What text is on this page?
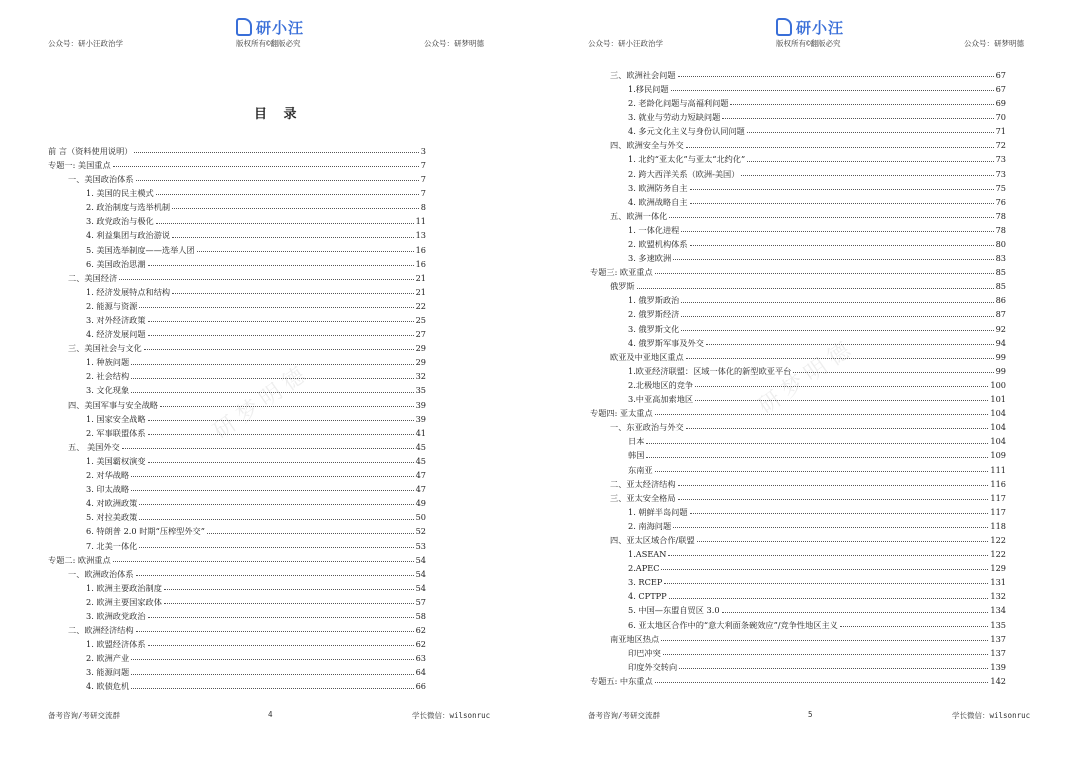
研小汪
公众号：研小汪政治学	版权所有©翻版必究	公众号：研梦明德
目 录
前 言（资料使用说明）	3
专题一: 美国重点	7
一、美国政治体系	7
1. 美国的民主模式	7
2. 政治制度与选举机制	8
3. 政党政治与极化	11
4. 利益集团与政治游说	13
5. 美国选举制度——选举人团	16
6. 美国政治思潮	16
二、美国经济	21
1. 经济发展特点和结构	21
2. 能源与资源	22
3. 对外经济政策	25
4. 经济发展问题	27
三、美国社会与文化	29
1. 种族问题	29
2. 社会结构	32
3. 文化现象	35
四、美国军事与安全战略	39
1. 国家安全战略	39
2. 军事联盟体系	41
五、 美国外交	45
1. 美国霸权演变	45
2. 对华战略	47
3. 印太战略	47
4. 对欧洲政策	49
5. 对拉美政策	50
6. 特朗普 2.0 时期“压榨型外交”	52
7. 北美一体化	53
专题二: 欧洲重点	54
一、欧洲政治体系	54
1. 欧洲主要政治制度	54
2. 欧洲主要国家政体	57
3. 欧洲政党政治	58
二、欧洲经济结构	62
1. 欧盟经济体系	62
2. 欧洲产业	63
3. 能源问题	64
4. 欧债危机	66
研梦明德
备考咨询/考研交流群	4	学长微信：wilsonruc
研小汪
公众号：研小汪政治学	版权所有©翻版必究	公众号：研梦明德
三、欧洲社会问题	67
1.移民问题	67
2. 老龄化问题与高福利问题	69
3. 就业与劳动力短缺问题	70
4. 多元文化主义与身份认同问题	71
四、欧洲安全与外交	72
1. 北约“亚太化”与亚太“北约化”	73
2. 跨大西洋关系（欧洲-美国）	73
3. 欧洲防务自主	75
4. 欧洲战略自主	76
五、欧洲一体化	78
1. 一体化进程	78
2. 欧盟机构体系	80
3. 多速欧洲	83
专题三: 欧亚重点	85
俄罗斯	85
1. 俄罗斯政治	86
2. 俄罗斯经济	87
3. 俄罗斯文化	92
4. 俄罗斯军事及外交	94
欧亚及中亚地区重点	99
1.欧亚经济联盟：区域一体化的新型欧亚平台	99
2.北极地区的竞争	100
3.中亚高加索地区	101
专题四: 亚太重点	104
一、东亚政治与外交	104
日本	104
韩国	109
东南亚	111
二、亚太经济结构	116
三、亚太安全格局	117
1. 朝鲜半岛问题	117
2. 南海问题	118
四、亚太区域合作/联盟	122
1.ASEAN	122
2.APEC	129
3. RCEP	131
4. CPTPP	132
5. 中国—东盟自贸区 3.0	134
6. 亚太地区合作中的“意大利面条碗效应”/竞争性地区主义	135
南亚地区热点	137
印巴冲突	137
印度外交转向	139
专题五: 中东重点	142
研梦明德
备考咨询/考研交流群	5	学长微信：wilsonruc
